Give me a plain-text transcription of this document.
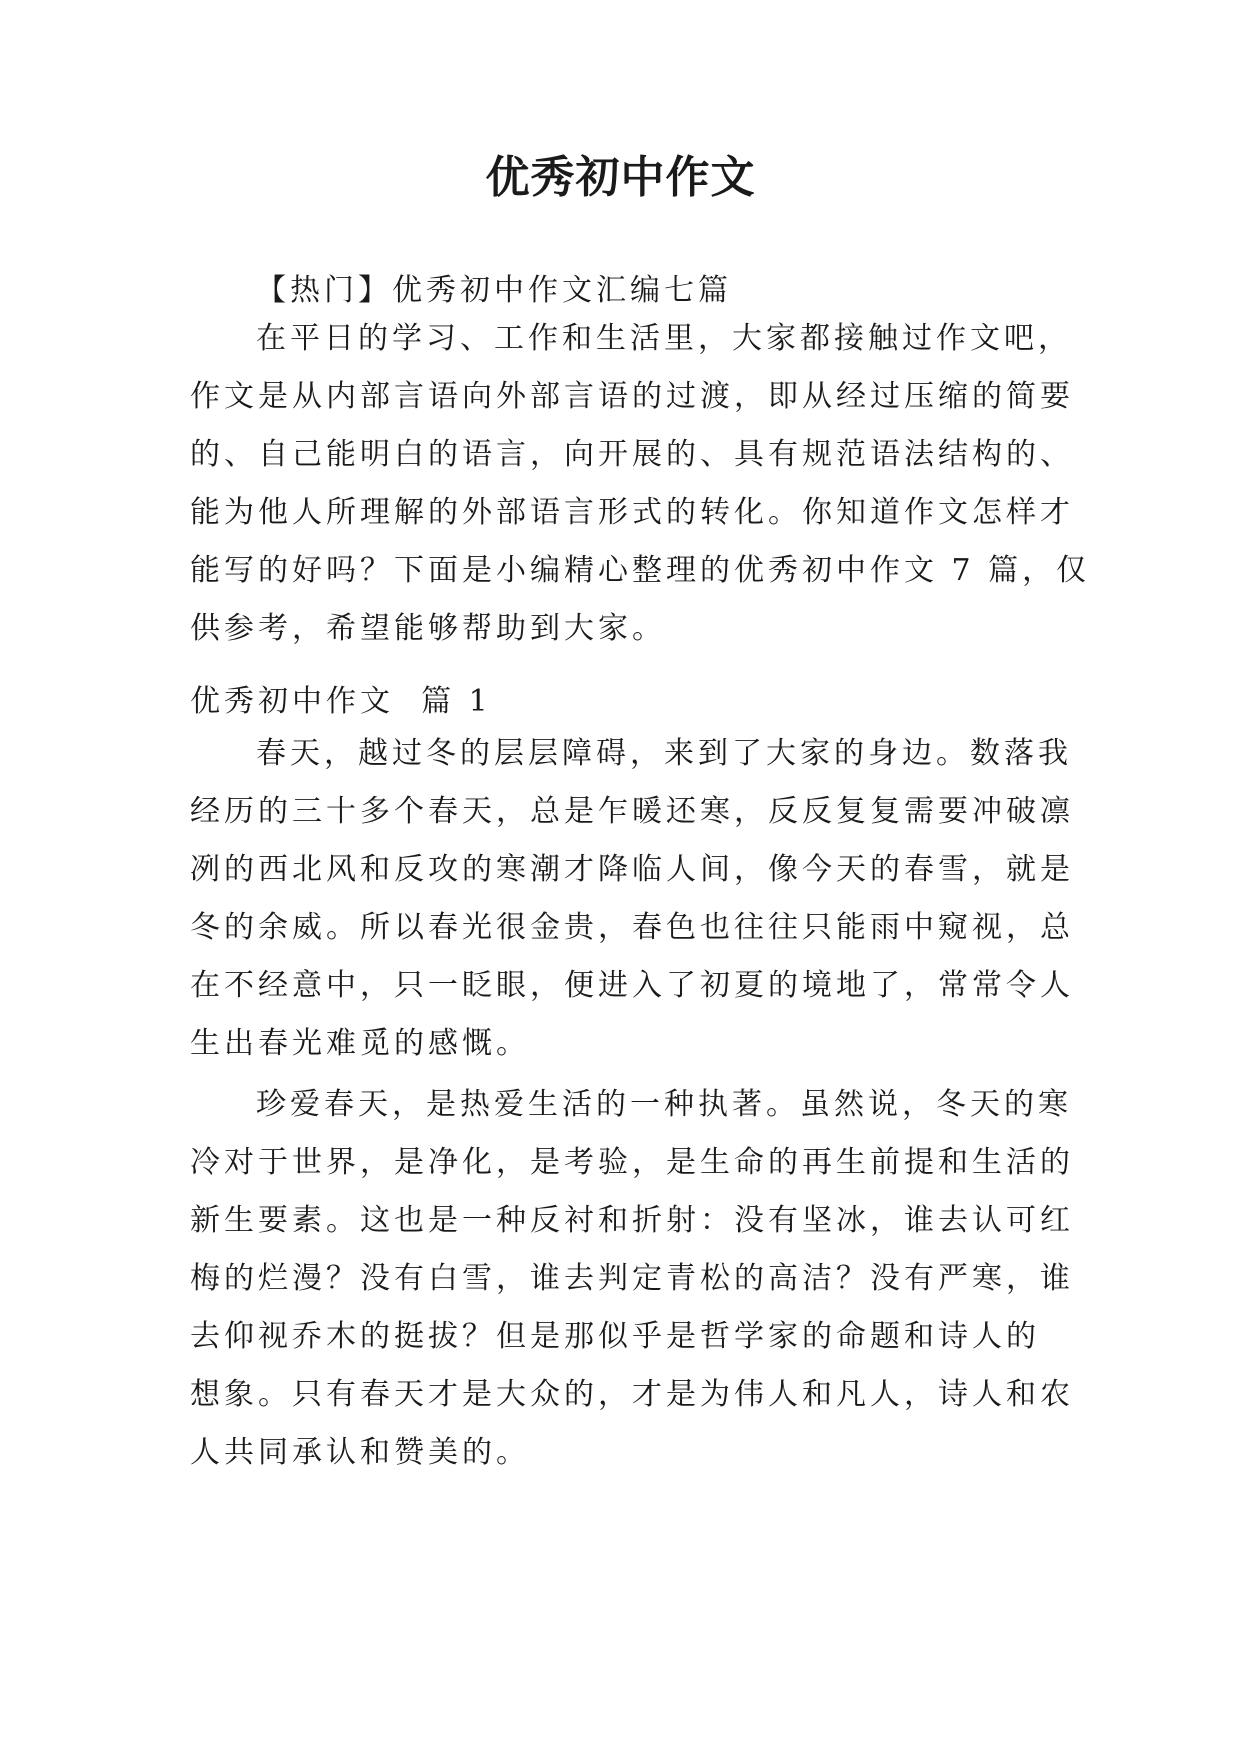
优秀初中作文
【热门】优秀初中作文汇编七篇
在平日的学习、工作和生活里，大家都接触过作文吧，
作文是从内部言语向外部言语的过渡，即从经过压缩的简要
的、自己能明白的语言，向开展的、具有规范语法结构的、
能为他人所理解的外部语言形式的转化。你知道作文怎样才
能写的好吗？下面是小编精心整理的优秀初中作文 7 篇，仅
供参考，希望能够帮助到大家。
优秀初中作文  篇 1
春天，越过冬的层层障碍，来到了大家的身边。数落我
经历的三十多个春天，总是乍暖还寒，反反复复需要冲破凛
冽的西北风和反攻的寒潮才降临人间，像今天的春雪，就是
冬的余威。所以春光很金贵，春色也往往只能雨中窥视，总
在不经意中，只一眨眼，便进入了初夏的境地了，常常令人
生出春光难觅的感慨。
珍爱春天，是热爱生活的一种执著。虽然说，冬天的寒
冷对于世界，是净化，是考验，是生命的再生前提和生活的
新生要素。这也是一种反衬和折射：没有坚冰，谁去认可红
梅的烂漫？没有白雪，谁去判定青松的高洁？没有严寒，谁
去仰视乔木的挺拔？但是那似乎是哲学家的命题和诗人的
想象。只有春天才是大众的，才是为伟人和凡人，诗人和农
人共同承认和赞美的。
